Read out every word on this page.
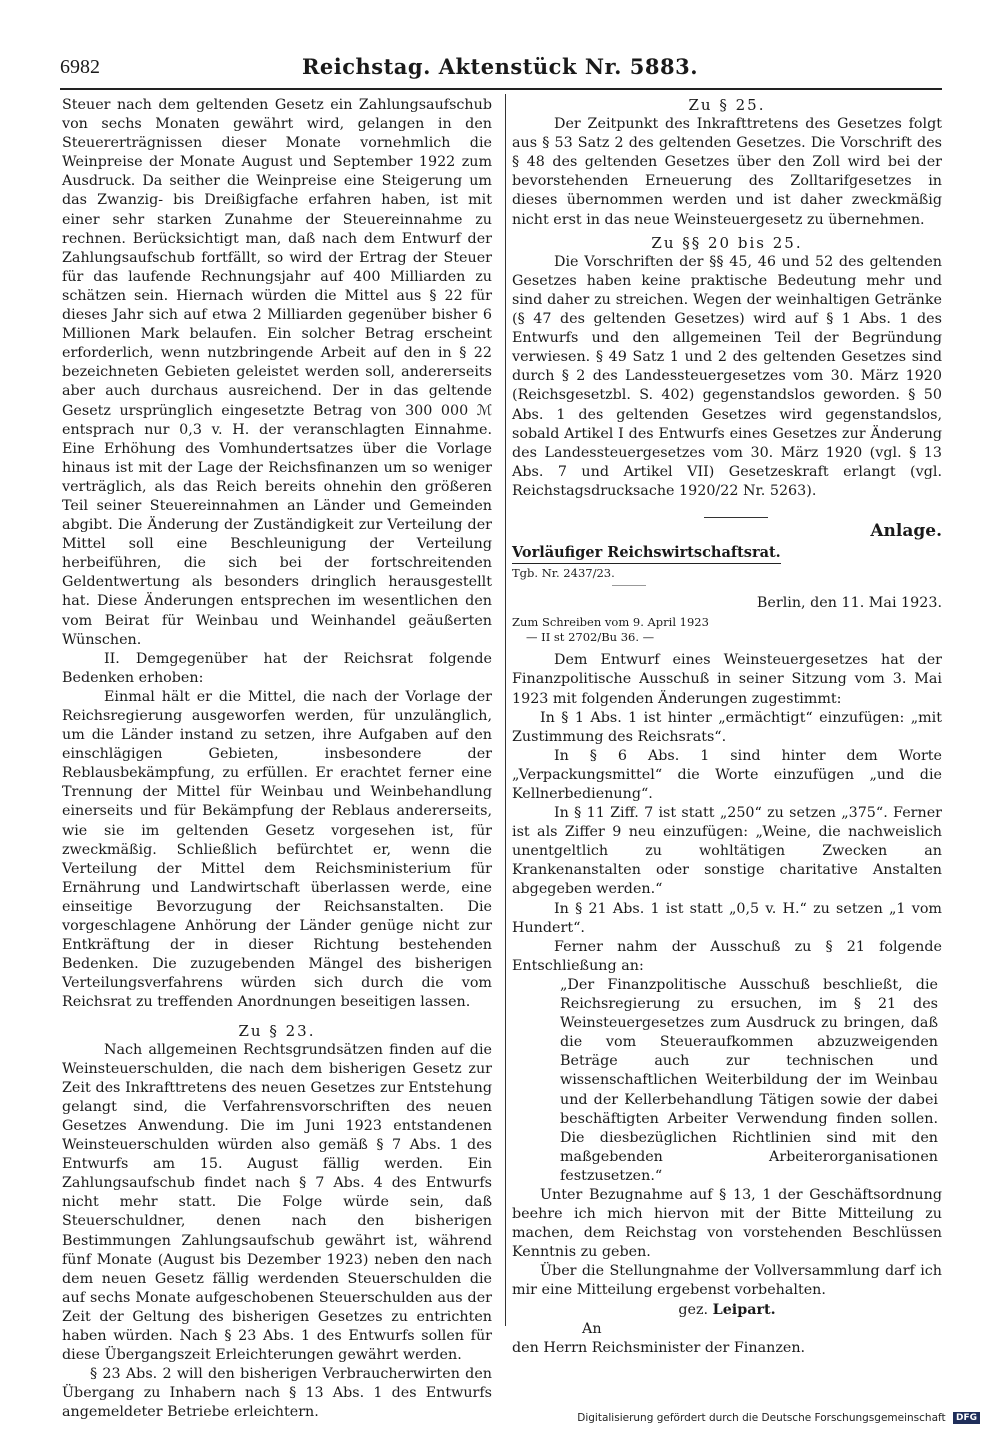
6982	Reichstag. Aktenstück Nr. 5883.

Steuer nach dem geltenden Gesetz ein Zahlungsaufschub von sechs Monaten gewährt wird, gelangen in den Steuererträgnissen dieser Monate vornehmlich die Weinpreise der Monate August und September 1922 zum Ausdruck. Da seither die Weinpreise eine Steigerung um das Zwanzig- bis Dreißigfache erfahren haben, ist mit einer sehr starken Zunahme der Steuereinnahme zu rechnen. Berücksichtigt man, daß nach dem Entwurf der Zahlungsaufschub fortfällt, so wird der Ertrag der Steuer für das laufende Rechnungsjahr auf 400 Milliarden zu schätzen sein. Hiernach würden die Mittel aus § 22 für dieses Jahr sich auf etwa 2 Milliarden gegenüber bisher 6 Millionen Mark belaufen. Ein solcher Betrag erscheint erforderlich, wenn nutzbringende Arbeit auf den in § 22 bezeichneten Gebieten geleistet werden soll, andererseits aber auch durchaus ausreichend. Der in das geltende Gesetz ursprünglich eingesetzte Betrag von 300 000 ℳ entsprach nur 0,3 v. H. der veranschlagten Einnahme. Eine Erhöhung des Vomhundertsatzes über die Vorlage hinaus ist mit der Lage der Reichsfinanzen um so weniger verträglich, als das Reich bereits ohnehin den größeren Teil seiner Steuereinnahmen an Länder und Gemeinden abgibt. Die Änderung der Zuständigkeit zur Verteilung der Mittel soll eine Beschleunigung der Verteilung herbeiführen, die sich bei der fortschreitenden Geldentwertung als besonders dringlich herausgestellt hat. Diese Änderungen entsprechen im wesentlichen den vom Beirat für Weinbau und Weinhandel geäußerten Wünschen.

II. Demgegenüber hat der Reichsrat folgende Bedenken erhoben:

Einmal hält er die Mittel, die nach der Vorlage der Reichsregierung ausgeworfen werden, für unzulänglich, um die Länder instand zu setzen, ihre Aufgaben auf den einschlägigen Gebieten, insbesondere der Reblausbekämpfung, zu erfüllen. Er erachtet ferner eine Trennung der Mittel für Weinbau und Weinbehandlung einerseits und für Bekämpfung der Reblaus andererseits, wie sie im geltenden Gesetz vorgesehen ist, für zweckmäßig. Schließlich befürchtet er, wenn die Verteilung der Mittel dem Reichsministerium für Ernährung und Landwirtschaft überlassen werde, eine einseitige Bevorzugung der Reichsanstalten. Die vorgeschlagene Anhörung der Länder genüge nicht zur Entkräftung der in dieser Richtung bestehenden Bedenken. Die zuzugebenden Mängel des bisherigen Verteilungsverfahrens würden sich durch die vom Reichsrat zu treffenden Anordnungen beseitigen lassen.

Zu § 23.

Nach allgemeinen Rechtsgrundsätzen finden auf die Weinsteuerschulden, die nach dem bisherigen Gesetz zur Zeit des Inkrafttretens des neuen Gesetzes zur Entstehung gelangt sind, die Verfahrensvorschriften des neuen Gesetzes Anwendung. Die im Juni 1923 entstandenen Weinsteuerschulden würden also gemäß § 7 Abs. 1 des Entwurfs am 15. August fällig werden. Ein Zahlungsaufschub findet nach § 7 Abs. 4 des Entwurfs nicht mehr statt. Die Folge würde sein, daß Steuerschuldner, denen nach den bisherigen Bestimmungen Zahlungsaufschub gewährt ist, während fünf Monate (August bis Dezember 1923) neben den nach dem neuen Gesetz fällig werdenden Steuerschulden die auf sechs Monate aufgeschobenen Steuerschulden aus der Zeit der Geltung des bisherigen Gesetzes zu entrichten haben würden. Nach § 23 Abs. 1 des Entwurfs sollen für diese Übergangszeit Erleichterungen gewährt werden.

§ 23 Abs. 2 will den bisherigen Verbraucherwirten den Übergang zu Inhabern nach § 13 Abs. 1 des Entwurfs angemeldeter Betriebe erleichtern.

Zu § 25.

Der Zeitpunkt des Inkrafttretens des Gesetzes folgt aus § 53 Satz 2 des geltenden Gesetzes. Die Vorschrift des § 48 des geltenden Gesetzes über den Zoll wird bei der bevorstehenden Erneuerung des Zolltarifgesetzes in dieses übernommen werden und ist daher zweckmäßig nicht erst in das neue Weinsteuergesetz zu übernehmen.

Zu §§ 20 bis 25.

Die Vorschriften der §§ 45, 46 und 52 des geltenden Gesetzes haben keine praktische Bedeutung mehr und sind daher zu streichen. Wegen der weinhaltigen Getränke (§ 47 des geltenden Gesetzes) wird auf § 1 Abs. 1 des Entwurfs und den allgemeinen Teil der Begründung verwiesen. § 49 Satz 1 und 2 des geltenden Gesetzes sind durch § 2 des Landessteuergesetzes vom 30. März 1920 (Reichsgesetzbl. S. 402) gegenstandslos geworden. § 50 Abs. 1 des geltenden Gesetzes wird gegenstandslos, sobald Artikel I des Entwurfs eines Gesetzes zur Änderung des Landessteuergesetzes vom 30. März 1920 (vgl. § 13 Abs. 7 und Artikel VII) Gesetzeskraft erlangt (vgl. Reichstagsdrucksache 1920/22 Nr. 5263).

Anlage.

Vorläufiger Reichswirtschaftsrat.

Tgb. Nr. 2437/23.

Berlin, den 11. Mai 1923.

Zum Schreiben vom 9. April 1923
— II st 2702/Bu 36. —

Dem Entwurf eines Weinsteuergesetzes hat der Finanzpolitische Ausschuß in seiner Sitzung vom 3. Mai 1923 mit folgenden Änderungen zugestimmt:

In § 1 Abs. 1 ist hinter „ermächtigt“ einzufügen: „mit Zustimmung des Reichsrats“.

In § 6 Abs. 1 sind hinter dem Worte „Verpackungsmittel“ die Worte einzufügen „und die Kellnerbedienung“.

In § 11 Ziff. 7 ist statt „250“ zu setzen „375“. Ferner ist als Ziffer 9 neu einzufügen: „Weine, die nachweislich unentgeltlich zu wohltätigen Zwecken an Krankenanstalten oder sonstige charitative Anstalten abgegeben werden.“

In § 21 Abs. 1 ist statt „0,5 v. H.“ zu setzen „1 vom Hundert“.

Ferner nahm der Ausschuß zu § 21 folgende Entschließung an:

„Der Finanzpolitische Ausschuß beschließt, die Reichsregierung zu ersuchen, im § 21 des Weinsteuergesetzes zum Ausdruck zu bringen, daß die vom Steueraufkommen abzuzweigenden Beträge auch zur technischen und wissenschaftlichen Weiterbildung der im Weinbau und der Kellerbehandlung Tätigen sowie der dabei beschäftigten Arbeiter Verwendung finden sollen. Die diesbezüglichen Richtlinien sind mit den maßgebenden Arbeiterorganisationen festzusetzen.“

Unter Bezugnahme auf § 13, 1 der Geschäftsordnung beehre ich mich hiervon mit der Bitte Mitteilung zu machen, dem Reichstag von vorstehenden Beschlüssen Kenntnis zu geben.

Über die Stellungnahme der Vollversammlung darf ich mir eine Mitteilung ergebenst vorbehalten.

gez. Leipart.

An

den Herrn Reichsminister der Finanzen.

Digitalisierung gefördert durch die Deutsche Forschungsgemeinschaft DFG
